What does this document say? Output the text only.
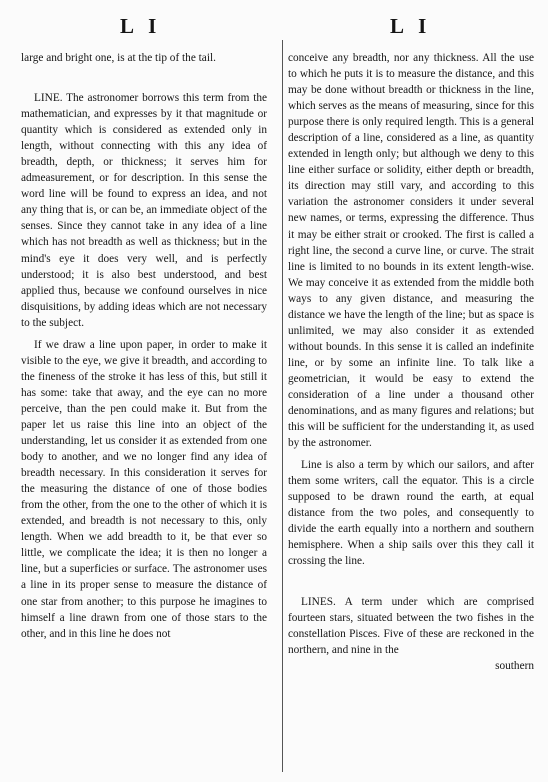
L I	L I

large and bright one, is at the tip of the tail.

LINE. The astronomer borrows this term from the mathematician, and expresses by it that magnitude or quantity which is considered as extended only in length, without connecting with this any idea of breadth, depth, or thickness; it serves him for admeasurement, or for description. In this sense the word line will be found to express an idea, and not any thing that is, or can be, an immediate object of the senses. Since they cannot take in any idea of a line which has not breadth as well as thickness; but in the mind's eye it does very well, and is perfectly understood; it is also best understood, and best applied thus, because we confound ourselves in nice disquisitions, by adding ideas which are not necessary to the subject.

If we draw a line upon paper, in order to make it visible to the eye, we give it breadth, and according to the fineness of the stroke it has less of this, but still it has some: take that away, and the eye can no more perceive, than the pen could make it. But from the paper let us raise this line into an object of the understanding, let us consider it as extended from one body to another, and we no longer find any idea of breadth necessary. In this consideration it serves for the measuring the distance of one of those bodies from the other, from the one to the other of which it is extended, and breadth is not necessary to this, only length. When we add breadth to it, be that ever so little, we complicate the idea; it is then no longer a line, but a superficies or surface. The astronomer uses a line in its proper sense to measure the distance of one star from another; to this purpose he imagines to himself a line drawn from one of those stars to the other, and in this line he does not

conceive any breadth, nor any thickness. All the use to which he puts it is to measure the distance, and this may be done without breadth or thickness in the line, which serves as the means of measuring, since for this purpose there is only required length. This is a general description of a line, considered as a line, as quantity extended in length only; but although we deny to this line either surface or solidity, either depth or breadth, its direction may still vary, and according to this variation the astronomer considers it under several new names, or terms, expressing the difference. Thus it may be either strait or crooked. The first is called a right line, the second a curve line, or curve. The strait line is limited to no bounds in its extent length-wise. We may conceive it as extended from the middle both ways to any given distance, and measuring the distance we have the length of the line; but as space is unlimited, we may also consider it as extended without bounds. In this sense it is called an indefinite line, or by some an infinite line. To talk like a geometrician, it would be easy to extend the consideration of a line under a thousand other denominations, and as many figures and relations; but this will be sufficient for the understanding it, as used by the astronomer.

Line is also a term by which our sailors, and after them some writers, call the equator. This is a circle supposed to be drawn round the earth, at equal distance from the two poles, and consequently to divide the earth equally into a northern and southern hemisphere. When a ship sails over this they call it crossing the line.

LINES. A term under which are comprised fourteen stars, situated between the two fishes in the constellation Pisces. Five of these are reckoned in the northern, and nine in the

southern
